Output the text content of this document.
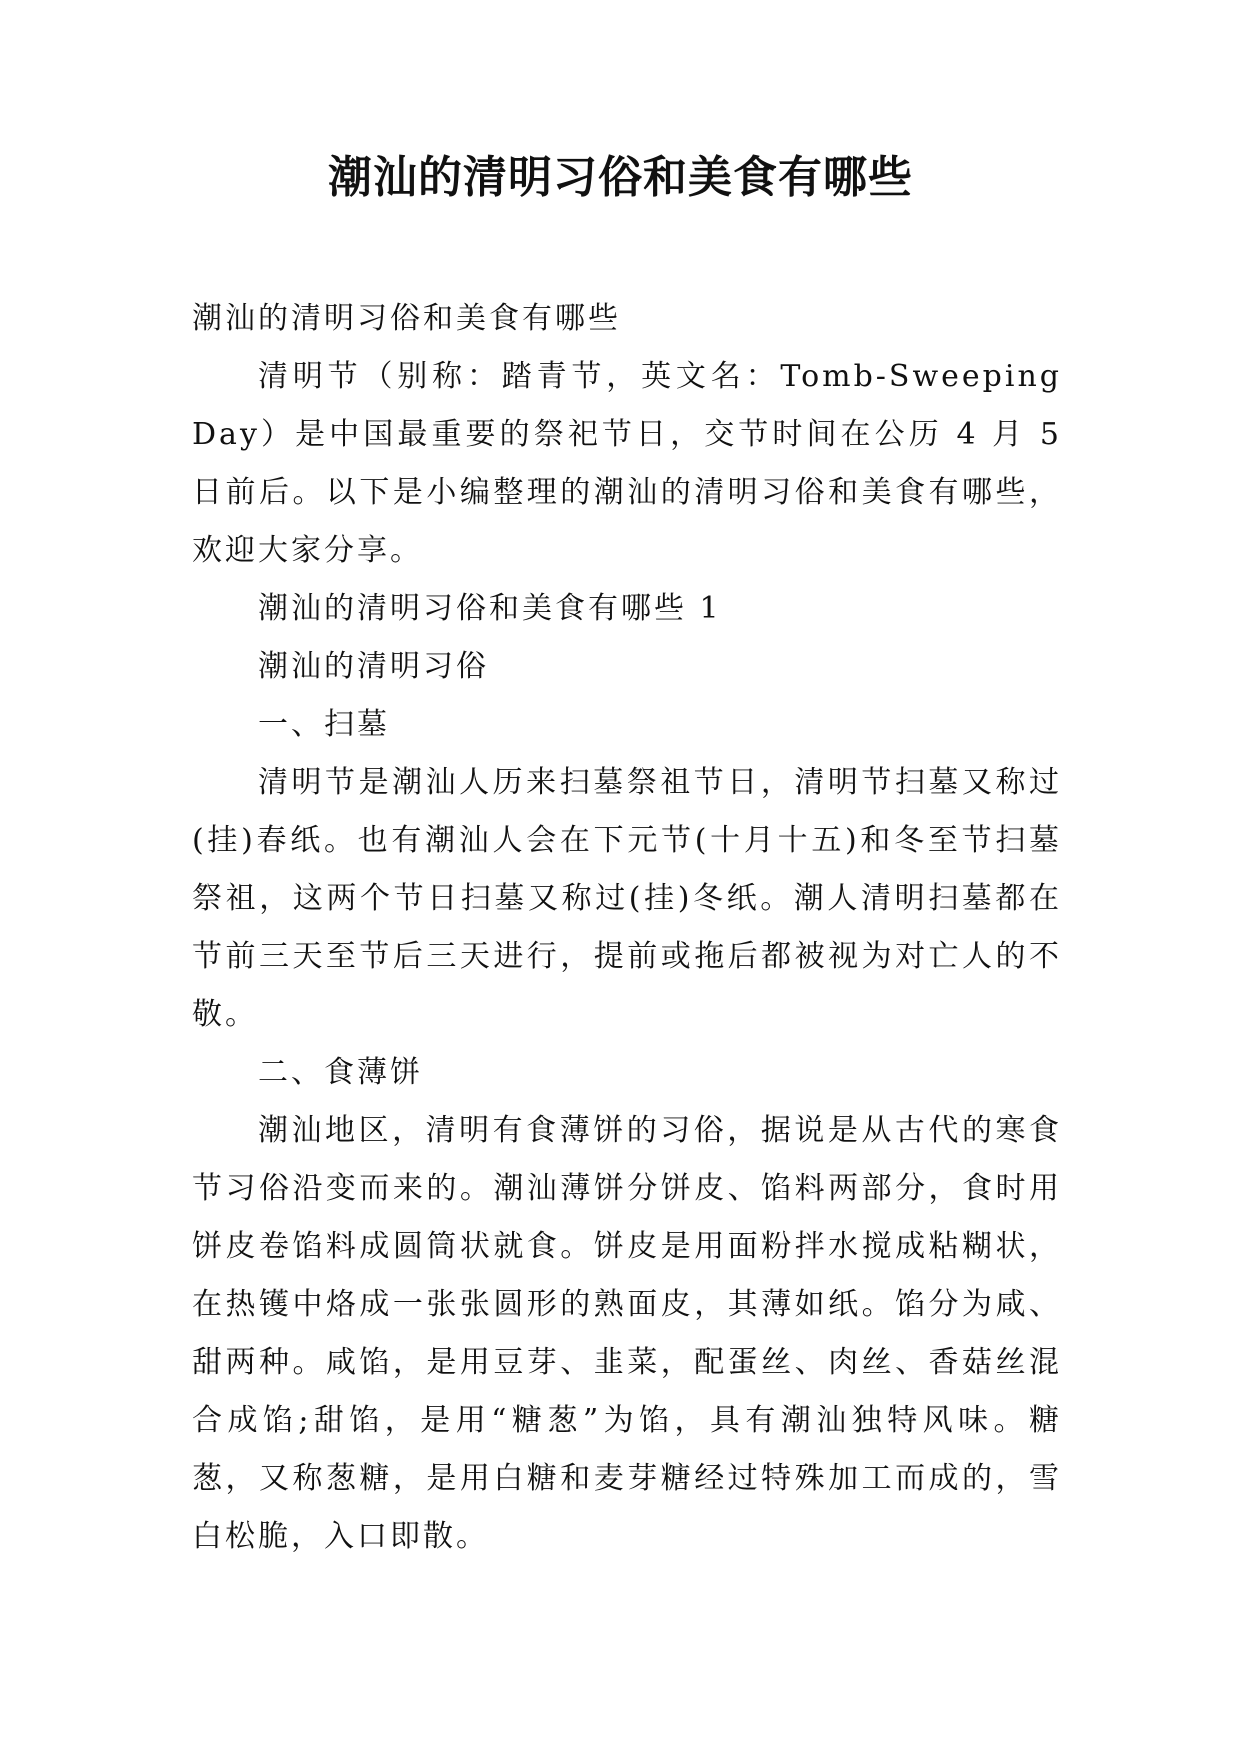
潮汕的清明习俗和美食有哪些

潮汕的清明习俗和美食有哪些

清明节（别称：踏青节，英文名：Tomb-Sweeping Day）是中国最重要的祭祀节日，交节时间在公历 4 月 5 日前后。以下是小编整理的潮汕的清明习俗和美食有哪些，欢迎大家分享。

潮汕的清明习俗和美食有哪些 1

潮汕的清明习俗

一、扫墓

清明节是潮汕人历来扫墓祭祖节日，清明节扫墓又称过(挂)春纸。也有潮汕人会在下元节(十月十五)和冬至节扫墓祭祖，这两个节日扫墓又称过(挂)冬纸。潮人清明扫墓都在节前三天至节后三天进行，提前或拖后都被视为对亡人的不敬。

二、食薄饼

潮汕地区，清明有食薄饼的习俗，据说是从古代的寒食节习俗沿变而来的。潮汕薄饼分饼皮、馅料两部分，食时用饼皮卷馅料成圆筒状就食。饼皮是用面粉拌水搅成粘糊状，在热镬中烙成一张张圆形的熟面皮，其薄如纸。馅分为咸、甜两种。咸馅，是用豆芽、韭菜，配蛋丝、肉丝、香菇丝混合成馅;甜馅，是用“糖葱”为馅，具有潮汕独特风味。糖葱，又称葱糖，是用白糖和麦芽糖经过特殊加工而成的，雪白松脆，入口即散。
